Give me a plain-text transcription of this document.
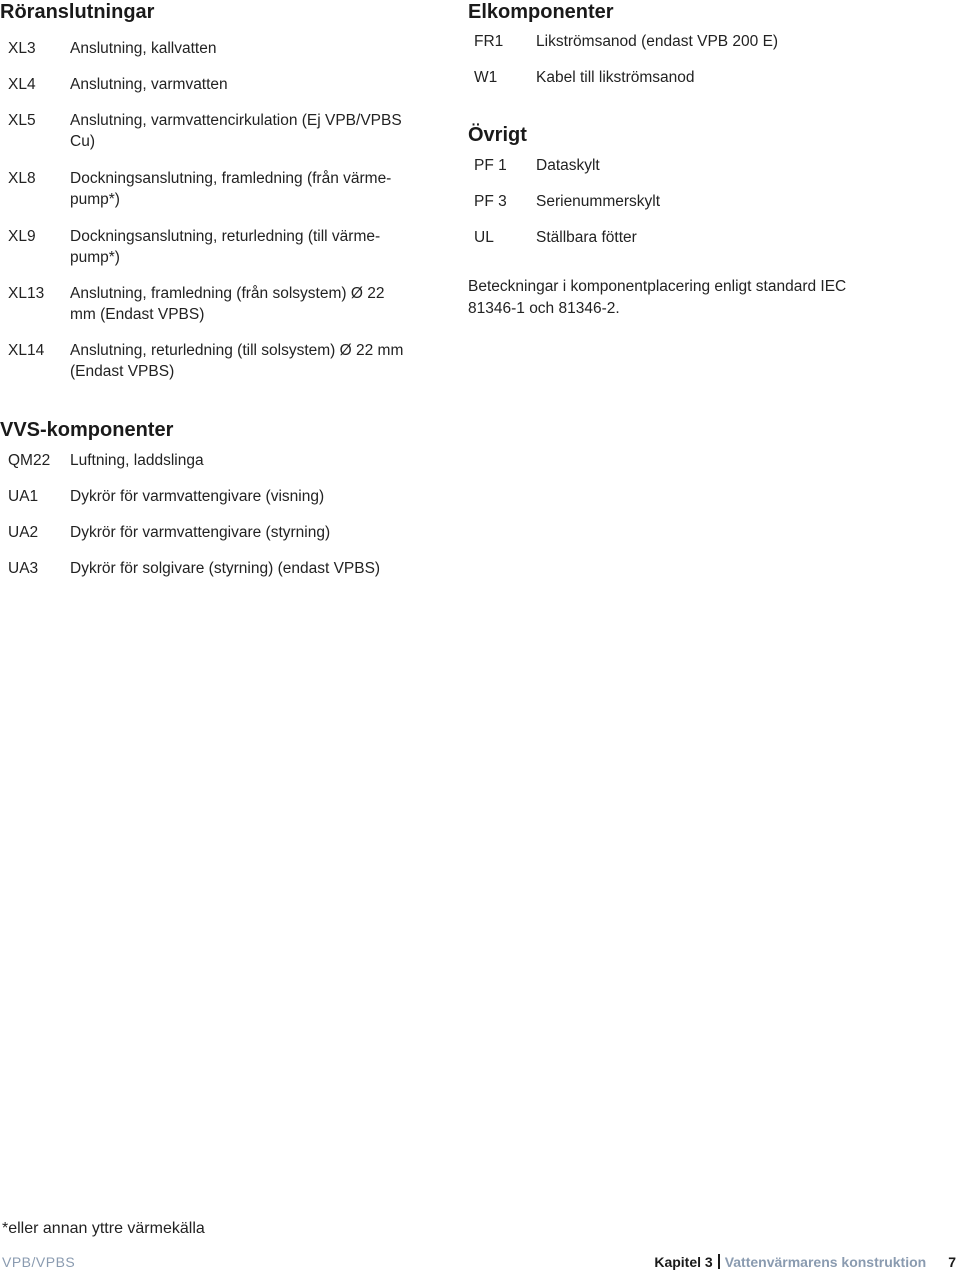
Röranslutningar
XL3	Anslutning, kallvatten
XL4	Anslutning, varmvatten
XL5	Anslutning, varmvattencirkulation (Ej VPB/VPBS
Cu)
XL8	Dockningsanslutning, framledning (från värme-
pump*)
XL9	Dockningsanslutning, returledning (till värme-
pump*)
XL13	Anslutning, framledning (från solsystem) Ø 22
mm (Endast VPBS)
XL14	Anslutning, returledning (till solsystem) Ø 22 mm
(Endast VPBS)
VVS-komponenter
QM22	Luftning, laddslinga
UA1	Dykrör för varmvattengivare (visning)
UA2	Dykrör för varmvattengivare (styrning)
UA3	Dykrör för solgivare (styrning) (endast VPBS)
Elkomponenter
FR1	Likströmsanod (endast VPB 200 E)
W1	Kabel till likströmsanod
Övrigt
PF 1	Dataskylt
PF 3	Serienummerskylt
UL	Ställbara fötter
Beteckningar i komponentplacering enligt standard IEC
81346-1 och 81346-2.
*eller annan yttre värmekälla
VPB/VPBS	Kapitel 3 Vattenvärmarens konstruktion 7
